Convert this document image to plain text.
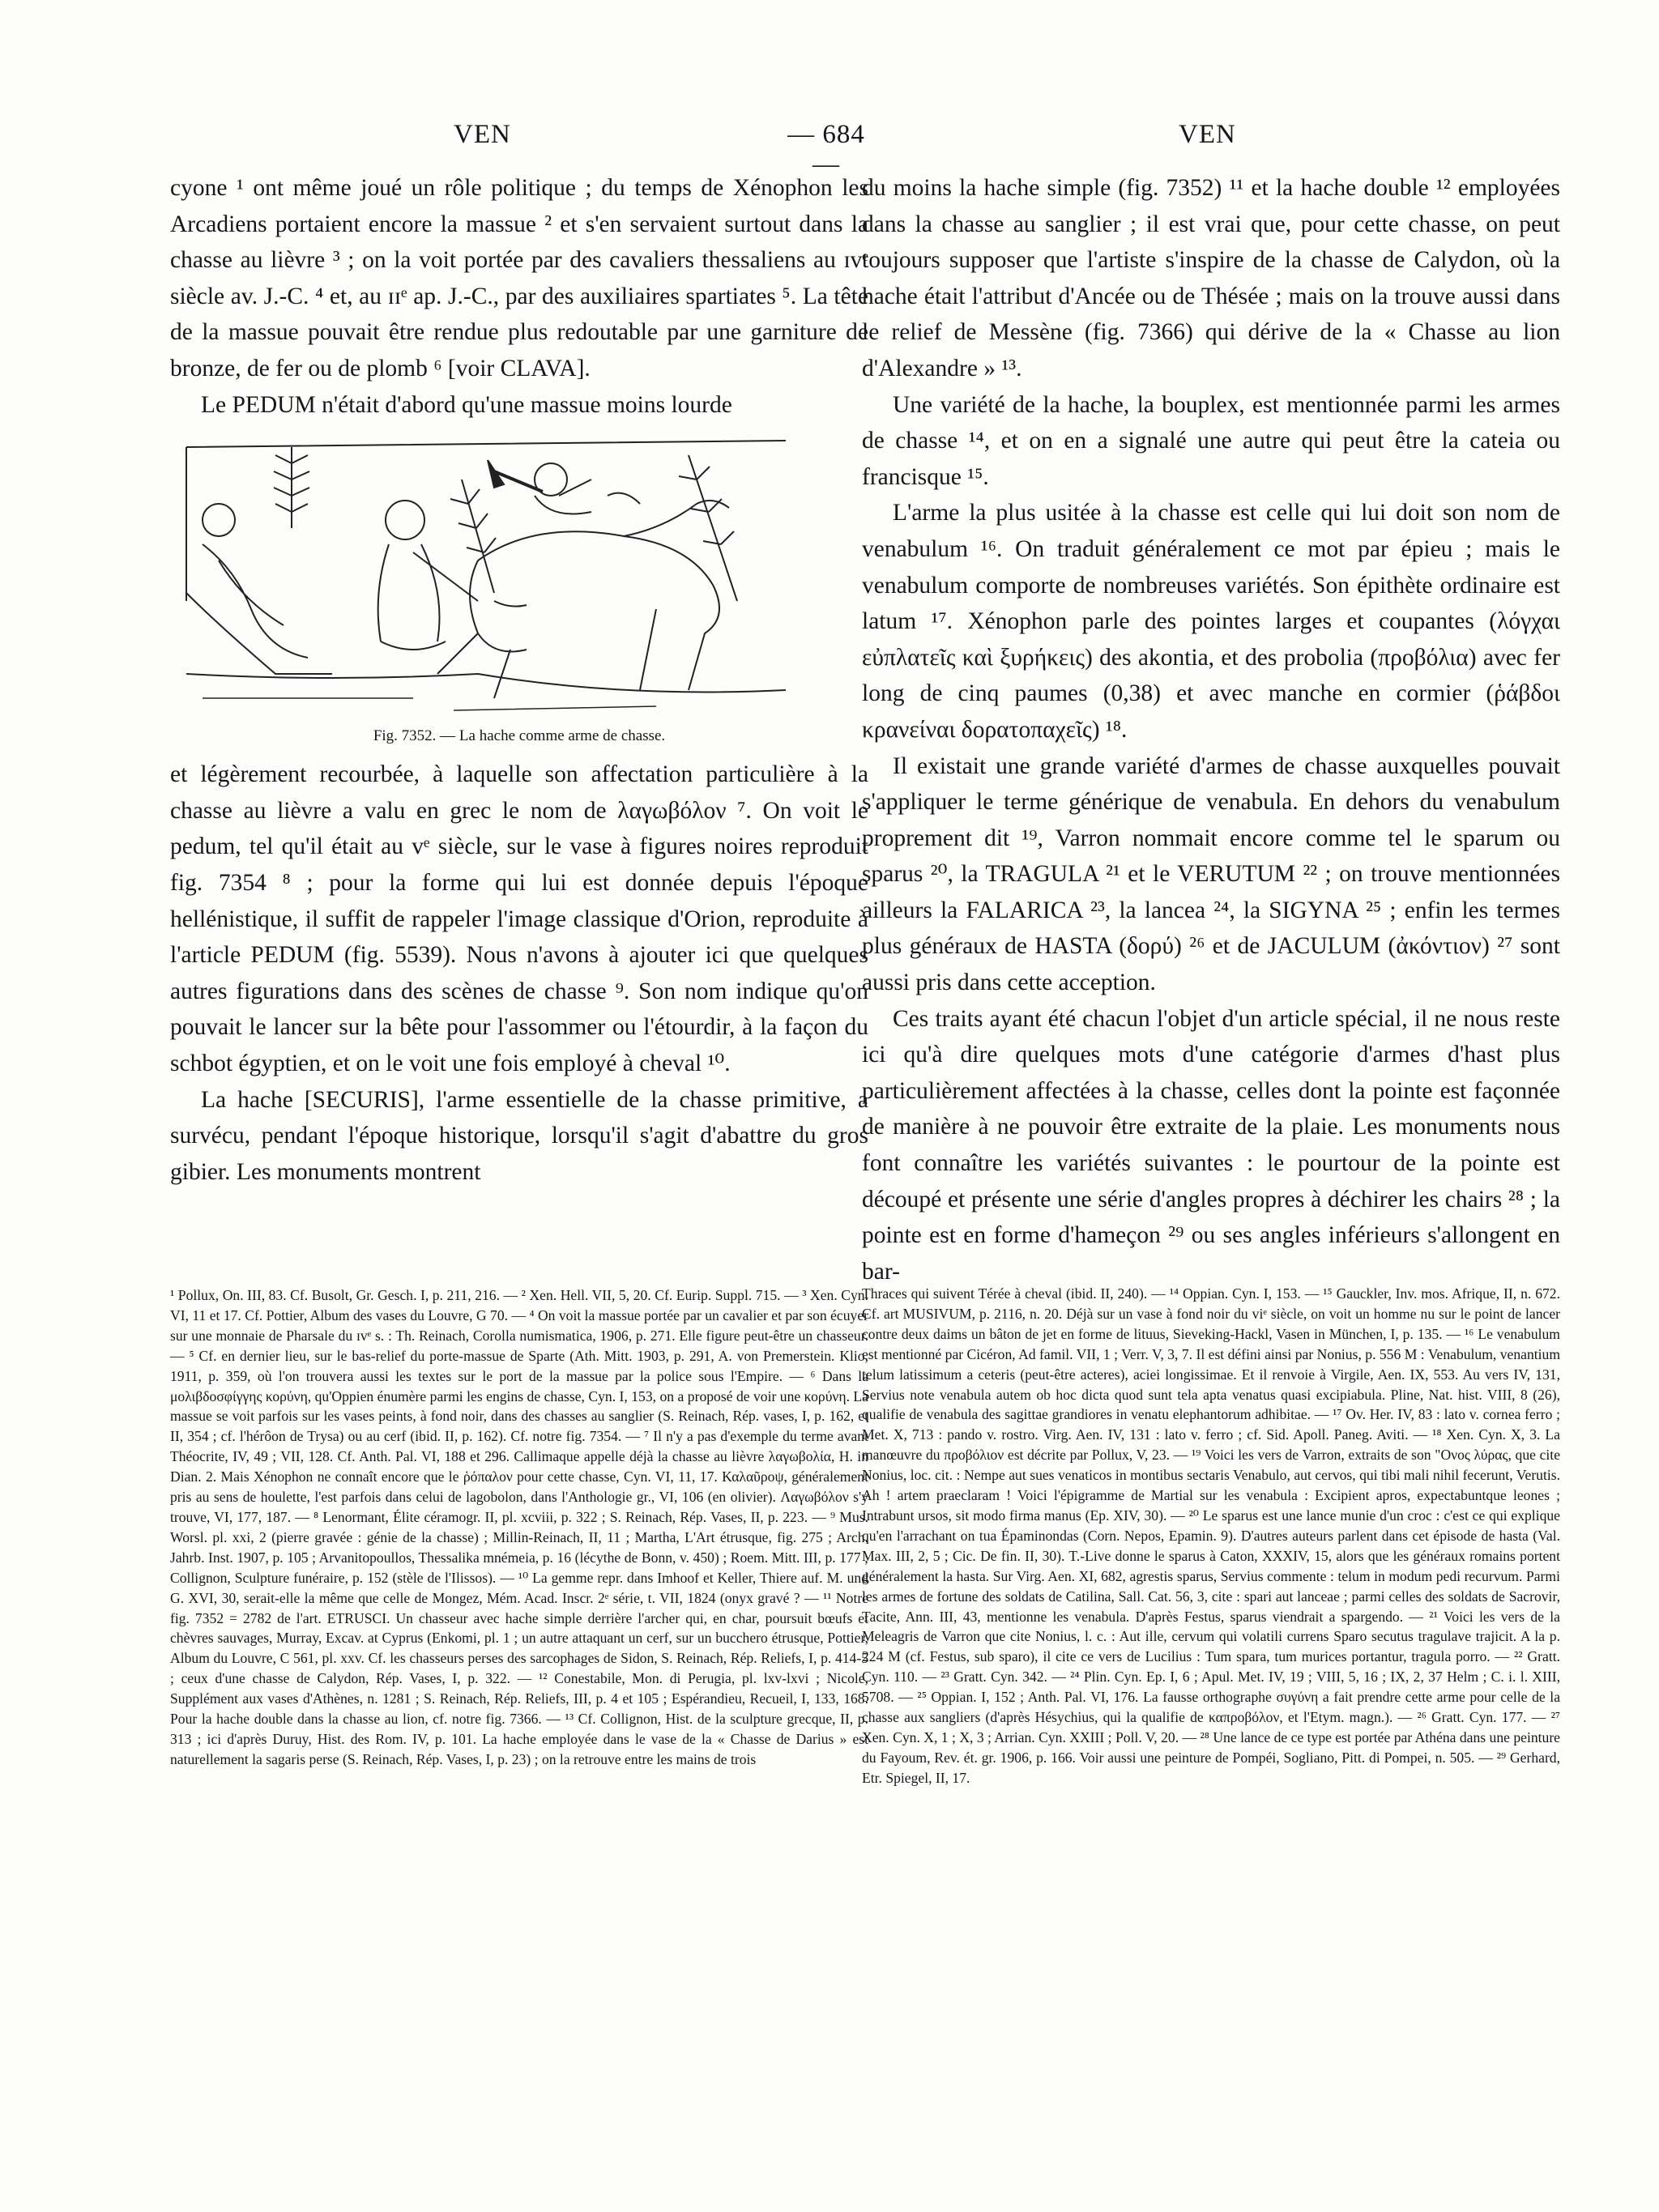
VEN	— 684 —
VEN

cyone ¹ ont même joué un rôle politique ; du temps de Xénophon les Arcadiens portaient encore la massue ² et s'en servaient surtout dans la chasse au lièvre ³ ; on la voit portée par des cavaliers thessaliens au ɪvᵉ siècle av. J.-C. ⁴ et, au ɪɪᵉ ap. J.-C., par des auxiliaires spartiates ⁵. La tête de la massue pouvait être rendue plus redoutable par une garniture de bronze, de fer ou de plomb ⁶ [voir CLAVA].

Le PEDUM n'était d'abord qu'une massue moins lourde

Fig. 7352. — La hache comme arme de chasse.

et légèrement recourbée, à laquelle son affectation particulière à la chasse au lièvre a valu en grec le nom de λαγωβόλον ⁷. On voit le pedum, tel qu'il était au vᵉ siècle, sur le vase à figures noires reproduit fig. 7354 ⁸ ; pour la forme qui lui est donnée depuis l'époque hellénistique, il suffit de rappeler l'image classique d'Orion, reproduite à l'article PEDUM (fig. 5539). Nous n'avons à ajouter ici que quelques autres figurations dans des scènes de chasse ⁹. Son nom indique qu'on pouvait le lancer sur la bête pour l'assommer ou l'étourdir, à la façon du schbot égyptien, et on le voit une fois employé à cheval ¹⁰.

La hache [SECURIS], l'arme essentielle de la chasse primitive, a survécu, pendant l'époque historique, lorsqu'il s'agit d'abattre du gros gibier. Les monuments montrent

du moins la hache simple (fig. 7352) ¹¹ et la hache double ¹² employées dans la chasse au sanglier ; il est vrai que, pour cette chasse, on peut toujours supposer que l'artiste s'inspire de la chasse de Calydon, où la hache était l'attribut d'Ancée ou de Thésée ; mais on la trouve aussi dans le relief de Messène (fig. 7366) qui dérive de la « Chasse au lion d'Alexandre » ¹³.

Une variété de la hache, la bouplex, est mentionnée parmi les armes de chasse ¹⁴, et on en a signalé une autre qui peut être la cateia ou francisque ¹⁵.

L'arme la plus usitée à la chasse est celle qui lui doit son nom de venabulum ¹⁶. On traduit généralement ce mot par épieu ; mais le venabulum comporte de nombreuses variétés. Son épithète ordinaire est latum ¹⁷. Xénophon parle des pointes larges et coupantes (λόγχαι εὐπλατεῖς καὶ ξυρήκεις) des akontia, et des probolia (προβόλια) avec fer long de cinq paumes (0,38) et avec manche en cormier (ῥάβδοι κρανείναι δορατοπαχεῖς) ¹⁸.

Il existait une grande variété d'armes de chasse auxquelles pouvait s'appliquer le terme générique de venabula. En dehors du venabulum proprement dit ¹⁹, Varron nommait encore comme tel le sparum ou sparus ²⁰, la TRAGULA ²¹ et le VERUTUM ²² ; on trouve mentionnées ailleurs la FALARICA ²³, la lancea ²⁴, la SIGYNA ²⁵ ; enfin les termes plus généraux de HASTA (δορύ) ²⁶ et de JACULUM (ἀκόντιον) ²⁷ sont aussi pris dans cette acception.

Ces traits ayant été chacun l'objet d'un article spécial, il ne nous reste ici qu'à dire quelques mots d'une catégorie d'armes d'hast plus particulièrement affectées à la chasse, celles dont la pointe est façonnée de manière à ne pouvoir être extraite de la plaie. Les monuments nous font connaître les variétés suivantes : le pourtour de la pointe est découpé et présente une série d'angles propres à déchirer les chairs ²⁸ ; la pointe est en forme d'hameçon ²⁹ ou ses angles inférieurs s'allongent en bar-

¹ Pollux, On. III, 83. Cf. Busolt, Gr. Gesch. I, p. 211, 216. — ² Xen. Hell. VII, 5, 20. Cf. Eurip. Suppl. 715. — ³ Xen. Cyn. VI, 11 et 17. Cf. Pottier, Album des vases du Louvre, G 70. — ⁴ On voit la massue portée par un cavalier et par son écuyer sur une monnaie de Pharsale du ɪvᵉ s. : Th. Reinach, Corolla numismatica, 1906, p. 271. Elle figure peut-être un chasseur. — ⁵ Cf. en dernier lieu, sur le bas-relief du porte-massue de Sparte (Ath. Mitt. 1903, p. 291, A. von Premerstein. Klio, 1911, p. 359, où l'on trouvera aussi les textes sur le port de la massue par la police sous l'Empire. — ⁶ Dans la μολιβδοσφίγγης κορύνη, qu'Oppien énumère parmi les engins de chasse, Cyn. I, 153, on a proposé de voir une κορύνη. La massue se voit parfois sur les vases peints, à fond noir, dans des chasses au sanglier (S. Reinach, Rép. vases, I, p. 162, et II, 354 ; cf. l'hérôon de Trysa) ou au cerf (ibid. II, p. 162). Cf. notre fig. 7354. — ⁷ Il n'y a pas d'exemple du terme avant Théocrite, IV, 49 ; VII, 128. Cf. Anth. Pal. VI, 188 et 296. Callimaque appelle déjà la chasse au lièvre λαγωβολία, H. in Dian. 2. Mais Xénophon ne connaît encore que le ῥόπαλον pour cette chasse, Cyn. VI, 11, 17. Καλαῦροψ, généralement pris au sens de houlette, l'est parfois dans celui de lagobolon, dans l'Anthologie gr., VI, 106 (en olivier). Λαγωβόλον s'y trouve, VI, 177, 187. — ⁸ Lenormant, Élite céramogr. II, pl. xcviii, p. 322 ; S. Reinach, Rép. Vases, II, p. 223. — ⁹ Mus. Worsl. pl. xxi, 2 (pierre gravée : génie de la chasse) ; Millin-Reinach, II, 11 ; Martha, L'Art étrusque, fig. 275 ; Arch. Jahrb. Inst. 1907, p. 105 ; Arvanitopoullos, Thessalika mnémeia, p. 16 (lécythe de Bonn, v. 450) ; Roem. Mitt. III, p. 177 ; Collignon, Sculpture funéraire, p. 152 (stèle de l'Ilissos). — ¹⁰ La gemme repr. dans Imhoof et Keller, Thiere auf. M. und G. XVI, 30, serait-elle la même que celle de Mongez, Mém. Acad. Inscr. 2ᵉ série, t. VII, 1824 (onyx gravé ? — ¹¹ Notre fig. 7352 = 2782 de l'art. ETRUSCI. Un chasseur avec hache simple derrière l'archer qui, en char, poursuit bœufs et chèvres sauvages, Murray, Excav. at Cyprus (Enkomi, pl. 1 ; un autre attaquant un cerf, sur un bucchero étrusque, Pottier, Album du Louvre, C 561, pl. xxv. Cf. les chasseurs perses des sarcophages de Sidon, S. Reinach, Rép. Reliefs, I, p. 414-5 ; ceux d'une chasse de Calydon, Rép. Vases, I, p. 322. — ¹² Conestabile, Mon. di Perugia, pl. lxv-lxvi ; Nicole, Supplément aux vases d'Athènes, n. 1281 ; S. Reinach, Rép. Reliefs, III, p. 4 et 105 ; Espérandieu, Recueil, I, 133, 168. Pour la hache double dans la chasse au lion, cf. notre fig. 7366. — ¹³ Cf. Collignon, Hist. de la sculpture grecque, II, p. 313 ; ici d'après Duruy, Hist. des Rom. IV, p. 101. La hache employée dans le vase de la « Chasse de Darius » est naturellement la sagaris perse (S. Reinach, Rép. Vases, I, p. 23) ; on la retrouve entre les mains de trois
Thraces qui suivent Térée à cheval (ibid. II, 240). — ¹⁴ Oppian. Cyn. I, 153. — ¹⁵ Gauckler, Inv. mos. Afrique, II, n. 672. Cf. art MUSIVUM, p. 2116, n. 20. Déjà sur un vase à fond noir du viᵉ siècle, on voit un homme nu sur le point de lancer contre deux daims un bâton de jet en forme de lituus, Sieveking-Hackl, Vasen in München, I, p. 135. — ¹⁶ Le venabulum est mentionné par Cicéron, Ad famil. VII, 1 ; Verr. V, 3, 7. Il est défini ainsi par Nonius, p. 556 M : Venabulum, venantium telum latissimum a ceteris (peut-être acteres), aciei longissimae. Et il renvoie à Virgile, Aen. IX, 553. Au vers IV, 131, Servius note venabula autem ob hoc dicta quod sunt tela apta venatus quasi excipiabula. Pline, Nat. hist. VIII, 8 (26), qualifie de venabula des sagittae grandiores in venatu elephantorum adhibitae. — ¹⁷ Ov. Her. IV, 83 : lato v. cornea ferro ; Met. X, 713 : pando v. rostro. Virg. Aen. IV, 131 : lato v. ferro ; cf. Sid. Apoll. Paneg. Aviti. — ¹⁸ Xen. Cyn. X, 3. La manœuvre du προβόλιον est décrite par Pollux, V, 23. — ¹⁹ Voici les vers de Varron, extraits de son "Ονος λύρας, que cite Nonius, loc. cit. : Nempe aut sues venaticos in montibus sectaris Venabulo, aut cervos, qui tibi mali nihil fecerunt, Verutis. Ah ! artem praeclaram ! Voici l'épigramme de Martial sur les venabula : Excipient apros, expectabuntque leones ; Intrabunt ursos, sit modo firma manus (Ep. XIV, 30). — ²⁰ Le sparus est une lance munie d'un croc : c'est ce qui explique qu'en l'arrachant on tua Épaminondas (Corn. Nepos, Epamin. 9). D'autres auteurs parlent dans cet épisode de hasta (Val. Max. III, 2, 5 ; Cic. De fin. II, 30). T.-Live donne le sparus à Caton, XXXIV, 15, alors que les généraux romains portent généralement la hasta. Sur Virg. Aen. XI, 682, agrestis sparus, Servius commente : telum in modum pedi recurvum. Parmi les armes de fortune des soldats de Catilina, Sall. Cat. 56, 3, cite : spari aut lanceae ; parmi celles des soldats de Sacrovir, Tacite, Ann. III, 43, mentionne les venabula. D'après Festus, sparus viendrait a spargendo. — ²¹ Voici les vers de la Meleagris de Varron que cite Nonius, l. c. : Aut ille, cervum qui volatili currens Sparo secutus tragulave trajicit. A la p. 224 M (cf. Festus, sub sparo), il cite ce vers de Lucilius : Tum spara, tum murices portantur, tragula porro. — ²² Gratt. Cyn. 110. — ²³ Gratt. Cyn. 342. — ²⁴ Plin. Cyn. Ep. I, 6 ; Apul. Met. IV, 19 ; VIII, 5, 16 ; IX, 2, 37 Helm ; C. i. l. XIII, 5708. — ²⁵ Oppian. I, 152 ; Anth. Pal. VI, 176. La fausse orthographe συγύνη a fait prendre cette arme pour celle de la chasse aux sangliers (d'après Hésychius, qui la qualifie de καπροβόλον, et l'Etym. magn.). — ²⁶ Gratt. Cyn. 177. — ²⁷ Xen. Cyn. X, 1 ; X, 3 ; Arrian. Cyn. XXIII ; Poll. V, 20. — ²⁸ Une lance de ce type est portée par Athéna dans une peinture du Fayoum, Rev. ét. gr. 1906, p. 166. Voir aussi une peinture de Pompéi, Sogliano, Pitt. di Pompei, n. 505. — ²⁹ Gerhard, Etr. Spiegel, II, 17.
